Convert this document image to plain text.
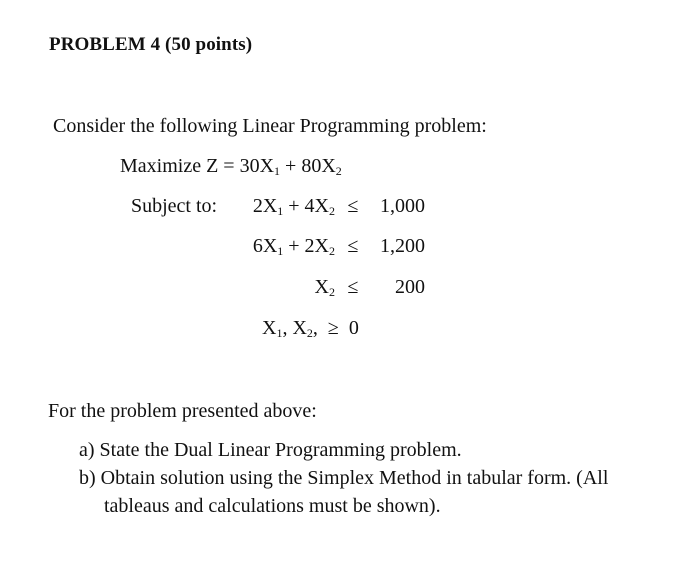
PROBLEM 4 (50 points)
Consider the following Linear Programming problem:
Maximize $Z = 30X_1 + 80X_2$
Subject to:	$2X_1 + 4X_2$ ≤	1,000
$6X_1 + 2X_2$ ≤	1,200
$X_2$ ≤	200
$X_1$, $X_2$,  ≥ 0
For the problem presented above:
a) State the Dual Linear Programming problem.
b) Obtain solution using the Simplex Method in tabular form. (All
tableaus and calculations must be shown).
